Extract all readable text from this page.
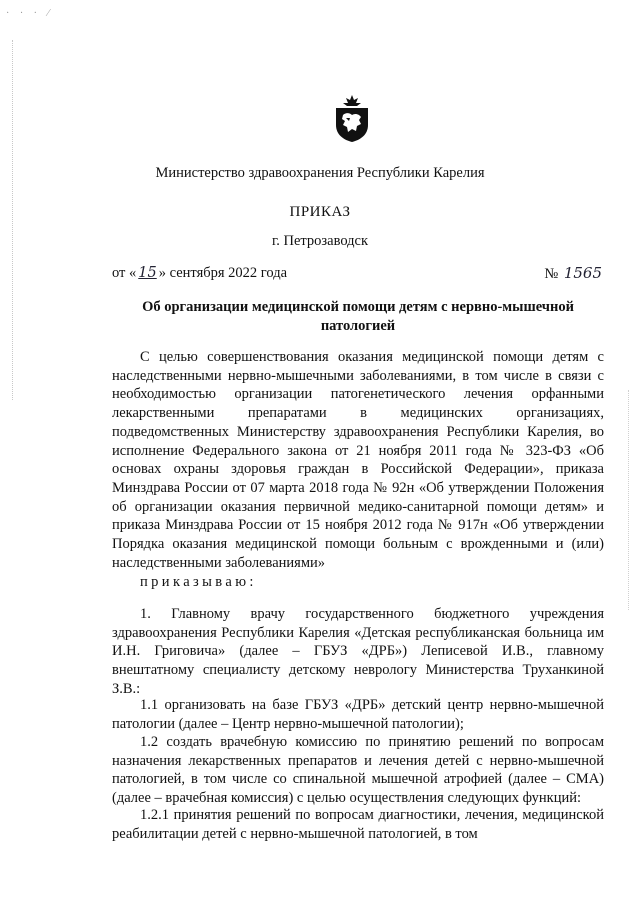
· · · ⁄
Министерство здравоохранения Республики Карелия
ПРИКАЗ
г. Петрозаводск
от « 15 » сентября 2022 года	№ 1565
Об организации медицинской помощи детям с нервно-мышечной патологией
С целью совершенствования оказания медицинской помощи детям с наследственными нервно-мышечными заболеваниями, в том числе в связи с необходимостью организации патогенетического лечения орфанными лекарственными препаратами в медицинских организациях, подведомственных Министерству здравоохранения Республики Карелия, во исполнение Федерального закона от 21 ноября 2011 года № 323-ФЗ «Об основах охраны здоровья граждан в Российской Федерации», приказа Минздрава России от 07 марта 2018 года № 92н «Об утверждении Положения об организации оказания первичной медико-санитарной помощи детям» и приказа Минздрава России от 15 ноября 2012 года № 917н «Об утверждении Порядка оказания медицинской помощи больным с врожденными и (или) наследственными заболеваниями»
приказываю:
1. Главному врачу государственного бюджетного учреждения здравоохранения Республики Карелия «Детская республиканская больница им И.Н. Григовича» (далее – ГБУЗ «ДРБ») Леписевой И.В., главному внештатному специалисту детскому неврологу Министерства Труханкиной З.В.:
1.1 организовать на базе ГБУЗ «ДРБ» детский центр нервно-мышечной патологии (далее – Центр нервно-мышечной патологии);
1.2 создать врачебную комиссию по принятию решений по вопросам назначения лекарственных препаратов и лечения детей с нервно-мышечной патологией, в том числе со спинальной мышечной атрофией (далее – СМА) (далее – врачебная комиссия) с целью осуществления следующих функций:
1.2.1 принятия решений по вопросам диагностики, лечения, медицинской реабилитации детей с нервно-мышечной патологией, в том
